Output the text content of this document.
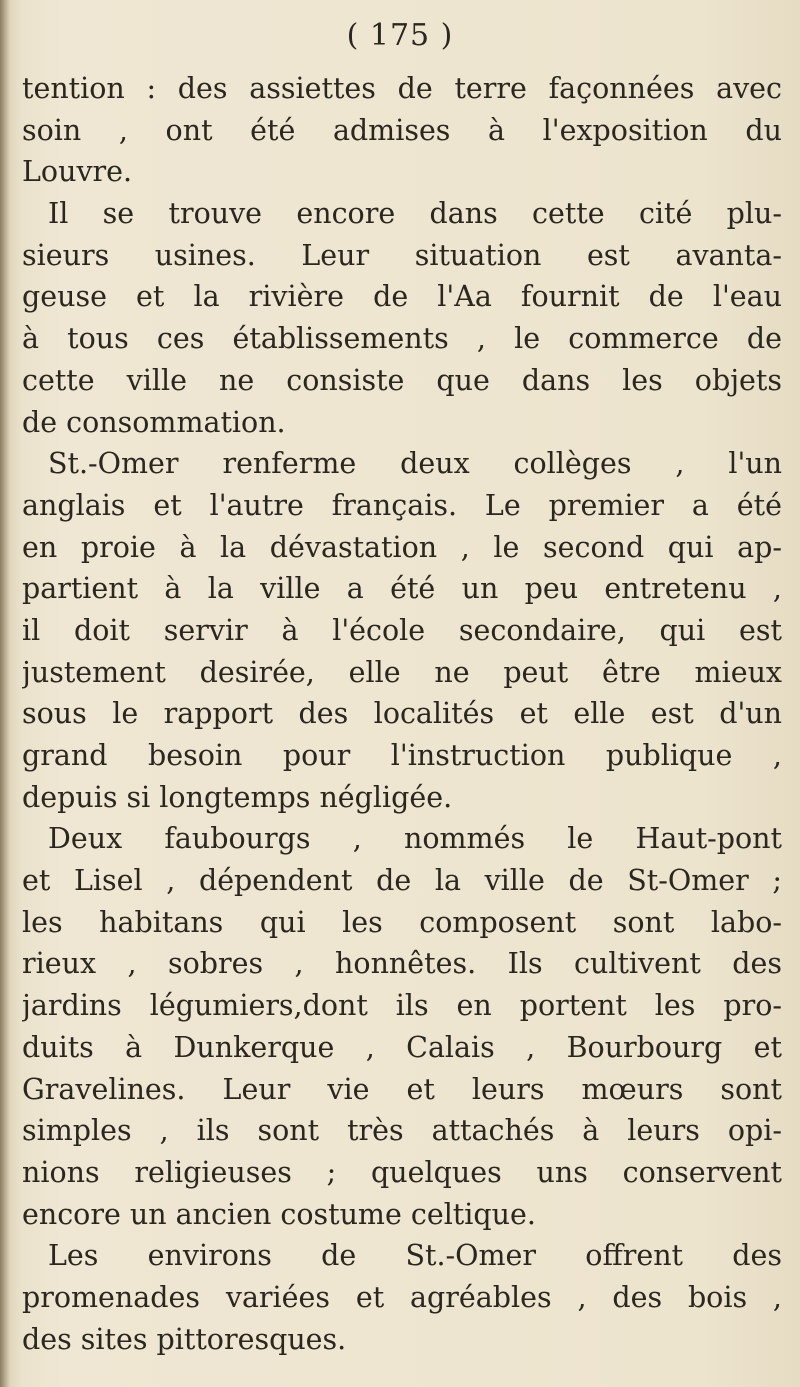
( 175 )
tention : des assiettes de terre façonnées avec
soin , ont été admises à l'exposition du
Louvre.
Il se trouve encore dans cette cité plu-
sieurs usines. Leur situation est avanta-
geuse et la rivière de l'Aa fournit de l'eau
à tous ces établissements , le commerce de
cette ville ne consiste que dans les objets
de consommation.
St.-Omer renferme deux collèges , l'un
anglais et l'autre français. Le premier a été
en proie à la dévastation , le second qui ap-
partient à la ville a été un peu entretenu ,
il doit servir à l'école secondaire, qui est
justement desirée, elle ne peut être mieux
sous le rapport des localités et elle est d'un
grand besoin pour l'instruction publique ,
depuis si longtemps négligée.
Deux faubourgs , nommés le Haut-pont
et Lisel , dépendent de la ville de St-Omer ;
les habitans qui les composent sont labo-
rieux , sobres , honnêtes. Ils cultivent des
jardins légumiers,dont ils en portent les pro-
duits à Dunkerque , Calais , Bourbourg et
Gravelines. Leur vie et leurs mœurs sont
simples , ils sont très attachés à leurs opi-
nions religieuses ; quelques uns conservent
encore un ancien costume celtique.
Les environs de St.-Omer offrent des
promenades variées et agréables , des bois ,
des sites pittoresques.
